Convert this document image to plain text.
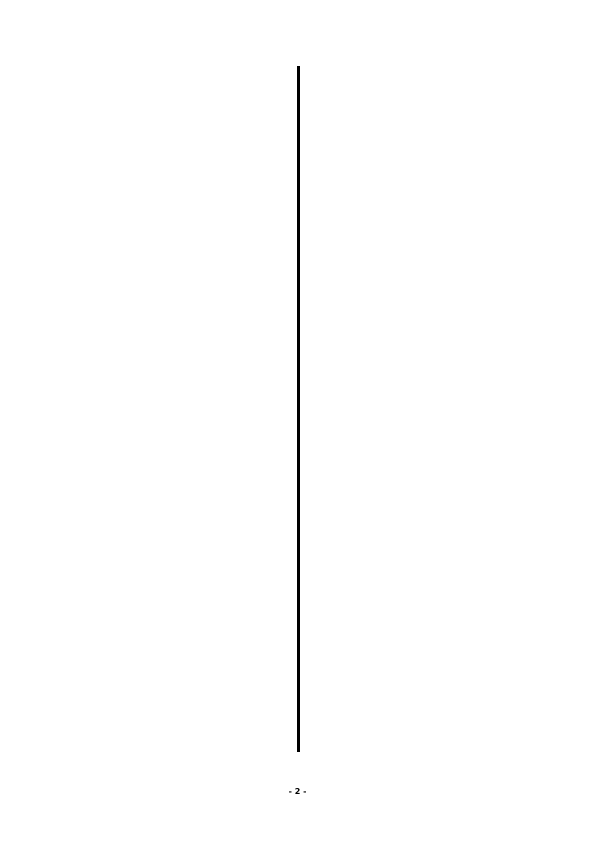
- 2 -
